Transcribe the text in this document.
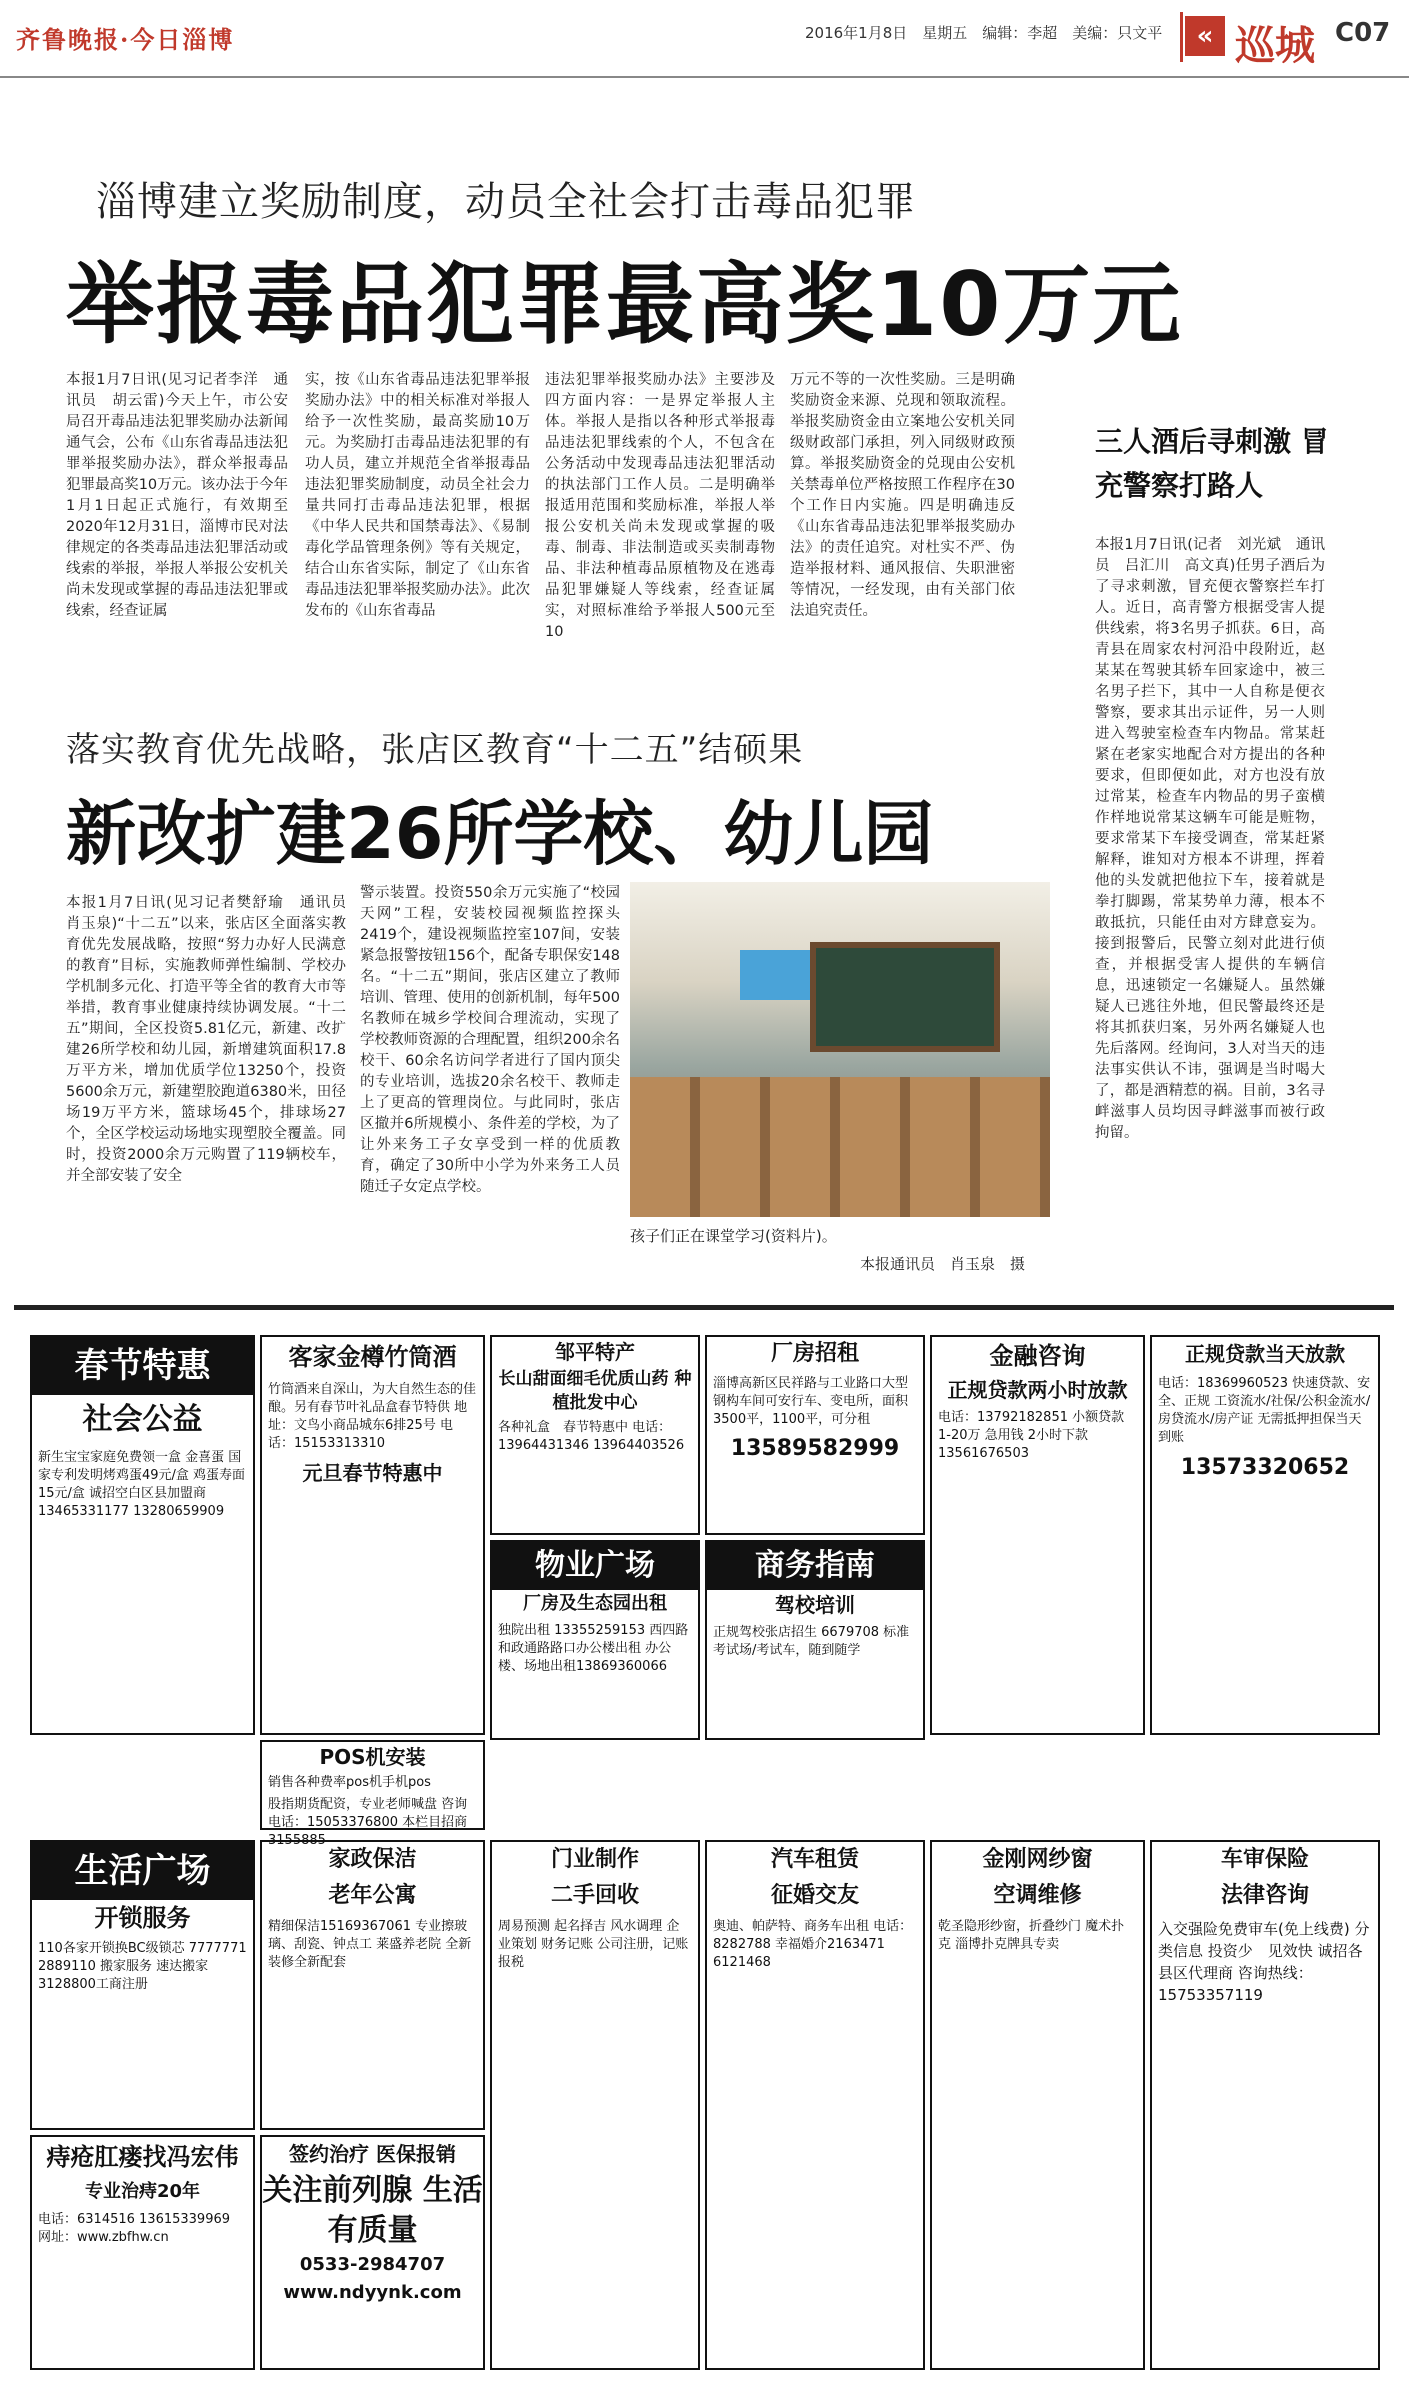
齐鲁晚报·今日淄博	2016年1月8日　星期五　编辑：李超　美编：只文平	« 巡城 C07
淄博建立奖励制度，动员全社会打击毒品犯罪
举报毒品犯罪最高奖10万元
本报1月7日讯(见习记者李洋　通讯员　胡云雷)今天上午，市公安局召开毒品违法犯罪奖励办法新闻通气会，公布《山东省毒品违法犯罪举报奖励办法》，群众举报毒品犯罪最高奖10万元。该办法于今年1月1日起正式施行，有效期至2020年12月31日，淄博市民对法律规定的各类毒品违法犯罪活动或线索的举报，举报人举报公安机关尚未发现或掌握的毒品违法犯罪或线索，经查证属
实，按《山东省毒品违法犯罪举报奖励办法》中的相关标准对举报人给予一次性奖励，最高奖励10万元。为奖励打击毒品违法犯罪的有功人员，建立并规范全省举报毒品违法犯罪奖励制度，动员全社会力量共同打击毒品违法犯罪，根据《中华人民共和国禁毒法》、《易制毒化学品管理条例》等有关规定，结合山东省实际，制定了《山东省毒品违法犯罪举报奖励办法》。此次发布的《山东省毒品
违法犯罪举报奖励办法》主要涉及四方面内容：一是界定举报人主体。举报人是指以各种形式举报毒品违法犯罪线索的个人，不包含在公务活动中发现毒品违法犯罪活动的执法部门工作人员。二是明确举报适用范围和奖励标准，举报人举报公安机关尚未发现或掌握的吸毒、制毒、非法制造或买卖制毒物品、非法种植毒品原植物及在逃毒品犯罪嫌疑人等线索，经查证属实，对照标准给予举报人500元至10
万元不等的一次性奖励。三是明确奖励资金来源、兑现和领取流程。举报奖励资金由立案地公安机关同级财政部门承担，列入同级财政预算。举报奖励资金的兑现由公安机关禁毒单位严格按照工作程序在30个工作日内实施。四是明确违反《山东省毒品违法犯罪举报奖励办法》的责任追究。对杜实不严、伪造举报材料、通风报信、失职泄密等情况，一经发现，由有关部门依法追究责任。
三人酒后寻刺激 冒充警察打路人
本报1月7日讯(记者　刘光斌　通讯员　吕汇川　高文真)任男子酒后为了寻求刺激，冒充便衣警察拦车打人。近日，高青警方根据受害人提供线索，将3名男子抓获。6日，高青县在周家农村河沿中段附近，赵某某在驾驶其轿车回家途中，被三名男子拦下，其中一人自称是便衣警察，要求其出示证件，另一人则进入驾驶室检查车内物品。常某赶紧在老家实地配合对方提出的各种要求，但即便如此，对方也没有放过常某，检查车内物品的男子蛮横作样地说常某这辆车可能是赃物，要求常某下车接受调查，常某赶紧解释，谁知对方根本不讲理，挥着他的头发就把他拉下车，接着就是拳打脚踢，常某势单力薄，根本不敢抵抗，只能任由对方肆意妄为。接到报警后，民警立刻对此进行侦查，并根据受害人提供的车辆信息，迅速锁定一名嫌疑人。虽然嫌疑人已逃往外地，但民警最终还是将其抓获归案，另外两名嫌疑人也先后落网。经询问，3人对当天的违法事实供认不讳，强调是当时喝大了，都是酒精惹的祸。目前，3名寻衅滋事人员均因寻衅滋事而被行政拘留。
落实教育优先战略，张店区教育“十二五”结硕果
新改扩建26所学校、幼儿园
本报1月7日讯(见习记者樊舒瑜　通讯员　肖玉泉)“十二五”以来，张店区全面落实教育优先发展战略，按照“努力办好人民满意的教育”目标，实施教师弹性编制、学校办学机制多元化、打造平等全省的教育大市等举措，教育事业健康持续协调发展。“十二五”期间，全区投资5.81亿元，新建、改扩建26所学校和幼儿园，新增建筑面积17.8万平方米，增加优质学位13250个，投资5600余万元，新建塑胶跑道6380米，田径场19万平方米，篮球场45个，排球场27个，全区学校运动场地实现塑胶全覆盖。同时，投资2000余万元购置了119辆校车，并全部安装了安全
警示装置。投资550余万元实施了“校园天网”工程，安装校园视频监控探头2419个，建设视频监控室107间，安装紧急报警按钮156个，配备专职保安148名。“十二五”期间，张店区建立了教师培训、管理、使用的创新机制，每年500名教师在城乡学校间合理流动，实现了学校教师资源的合理配置，组织200余名校干、60余名访问学者进行了国内顶尖的专业培训，选拔20余名校干、教师走上了更高的管理岗位。与此同时，张店区撤并6所规模小、条件差的学校，为了让外来务工子女享受到一样的优质教育，确定了30所中小学为外来务工人员随迁子女定点学校。
孩子们正在课堂学习(资料片)。
本报通讯员　肖玉泉　摄
春节特惠
社会公益
新生宝宝家庭免费领一盒 金喜蛋 国家专利发明烤鸡蛋49元/盒 鸡蛋寿面15元/盒 诚招空白区县加盟商 13465331177 13280659909
客家金樽竹筒酒
竹筒酒来自深山，为大自然生态的佳酿。另有春节叶礼品盒春节特供 地址：文鸟小商品城东6排25号 电话：15153313310
元旦春节特惠中
邹平特产
长山甜面细毛优质山药 种植批发中心
各种礼盒　春节特惠中 电话：13964431346 13964403526
厂房招租
淄博高新区民祥路与工业路口大型钢构车间可安行车、变电所，面积3500平，1100平，可分租
13589582999
金融咨询
正规贷款两小时放款
电话：13792182851 小额贷款 1-20万 急用钱 2小时下款 13561676503
正规贷款当天放款
电话：18369960523 快速贷款、安全、正规 工资流水/社保/公积金流水/房贷流水/房产证 无需抵押担保当天到账
13573320652
物业广场
厂房及生态园出租
独院出租 13355259153 西四路和政通路路口办公楼出租 办公楼、场地出租13869360066
商务指南
驾校培训
正规驾校张店招生 6679708 标准考试场/考试车，随到随学
POS机安装
销售各种费率pos机手机pos
股指期货配资，专业老师喊盘 咨询电话：15053376800 本栏目招商 3155885
生活广场
开锁服务
110各家开锁换BC级锁芯 7777771 2889110 搬家服务 速达搬家 3128800工商注册
家政保洁
老年公寓
精细保洁15169367061 专业擦玻璃、刮瓷、钟点工 莱盛养老院 全新装修全新配套
门业制作
二手回收
周易预测 起名择吉 风水调理 企业策划 财务记账 公司注册，记账报税
汽车租赁
征婚交友
奥迪、帕萨特、商务车出租 电话：8282788 幸福婚介2163471 6121468
金刚网纱窗
空调维修
乾圣隐形纱窗，折叠纱门 魔术扑克 淄博扑克牌具专卖
车审保险
法律咨询
入交强险免费审车(免上线费) 分类信息 投资少　见效快 诚招各县区代理商 咨询热线：15753357119
痔疮肛瘘找冯宏伟
专业治痔20年
电话：6314516 13615339969 网址：www.zbfhw.cn
签约治疗 医保报销
关注前列腺 生活有质量
0533-2984707 www.ndyynk.com
